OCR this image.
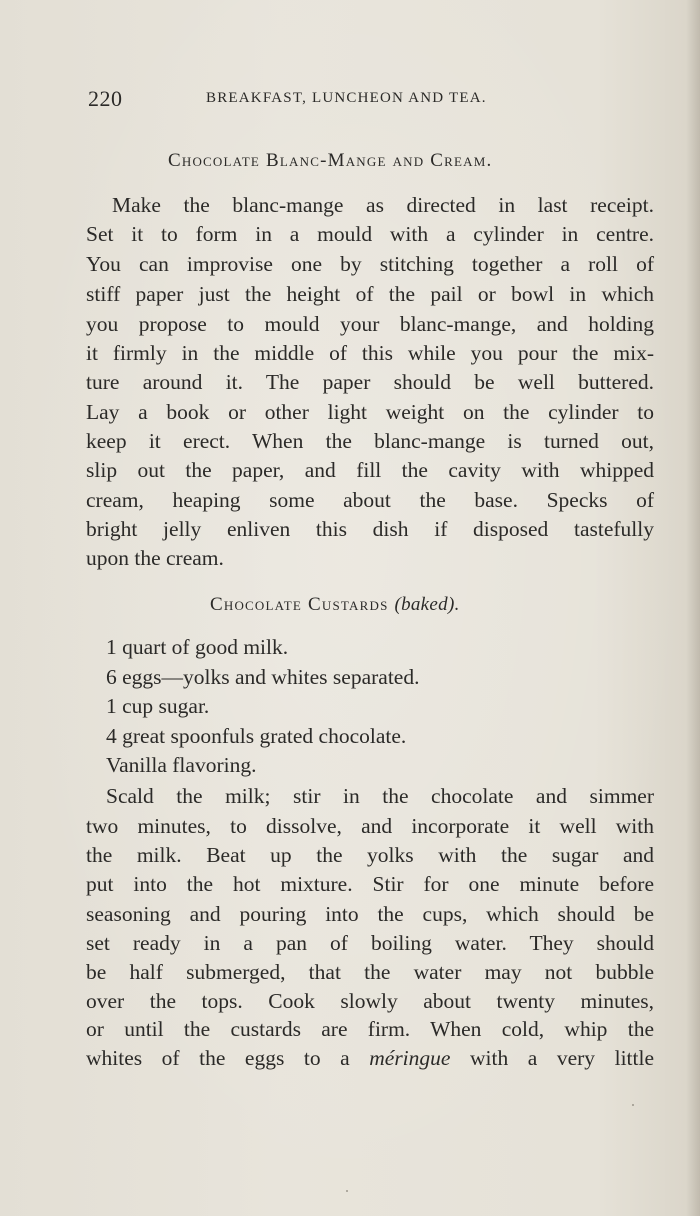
220	BREAKFAST, LUNCHEON AND TEA.
Chocolate Blanc-Mange and Cream.
Make the blanc-mange as directed in last receipt.
Set it to form in a mould with a cylinder in centre.
You can improvise one by stitching together a roll of
stiff paper just the height of the pail or bowl in which
you propose to mould your blanc-mange, and holding
it firmly in the middle of this while you pour the mix-
ture around it. The paper should be well buttered.
Lay a book or other light weight on the cylinder to
keep it erect. When the blanc-mange is turned out,
slip out the paper, and fill the cavity with whipped
cream, heaping some about the base. Specks of
bright jelly enliven this dish if disposed tastefully
upon the cream.
Chocolate Custards (baked).
1 quart of good milk.
6 eggs—yolks and whites separated.
1 cup sugar.
4 great spoonfuls grated chocolate.
Vanilla flavoring.
Scald the milk; stir in the chocolate and simmer
two minutes, to dissolve, and incorporate it well with
the milk. Beat up the yolks with the sugar and
put into the hot mixture. Stir for one minute before
seasoning and pouring into the cups, which should be
set ready in a pan of boiling water. They should
be half submerged, that the water may not bubble
over the tops. Cook slowly about twenty minutes,
or until the custards are firm. When cold, whip the
whites of the eggs to a méringue with a very little
